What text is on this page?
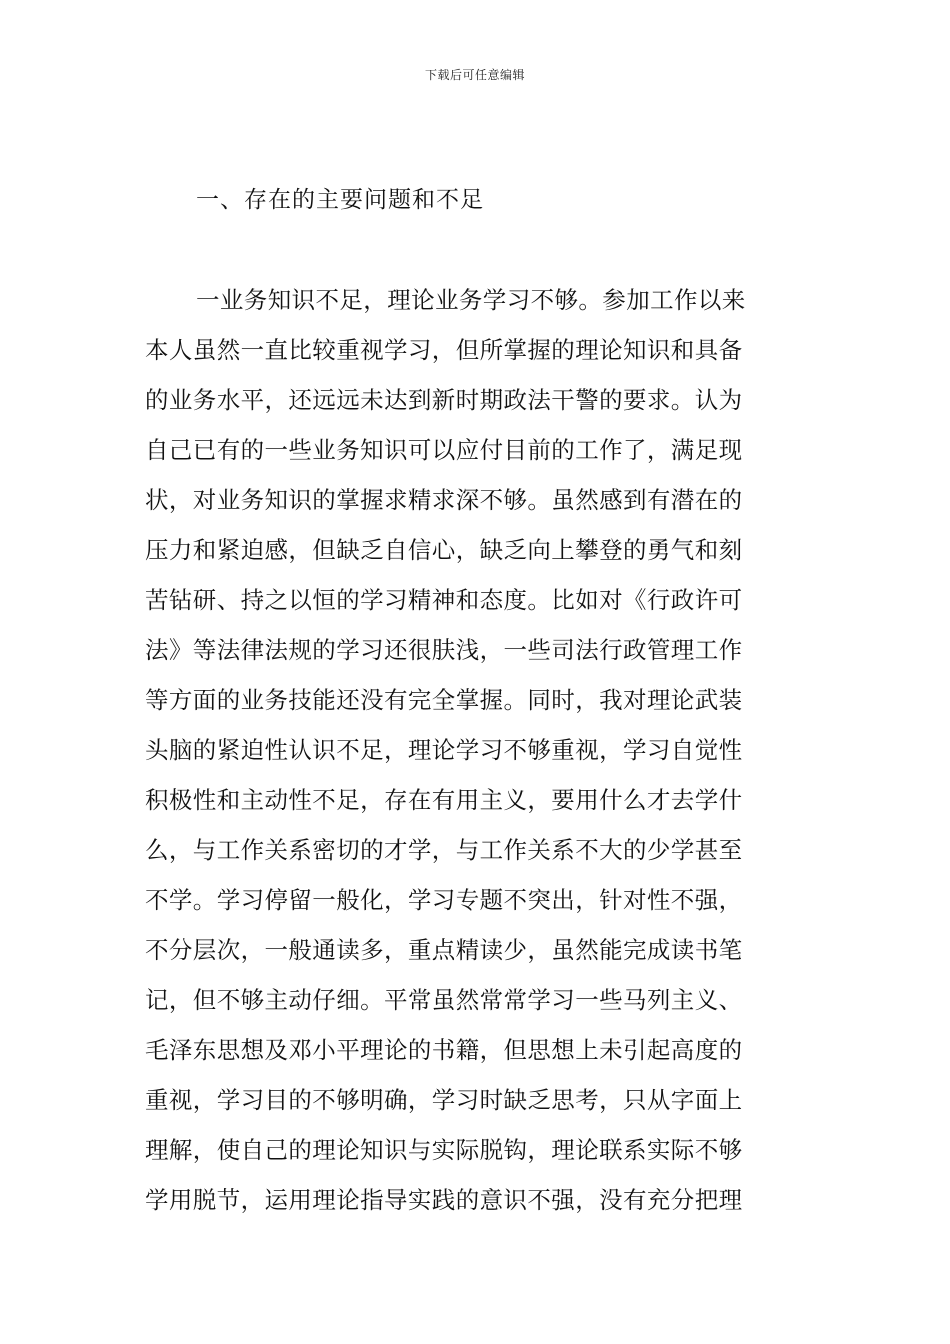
下载后可任意编辑
一、存在的主要问题和不足
一业务知识不足，理论业务学习不够。参加工作以来
本人虽然一直比较重视学习，但所掌握的理论知识和具备
的业务水平，还远远未达到新时期政法干警的要求。认为
自己已有的一些业务知识可以应付目前的工作了，满足现
状，对业务知识的掌握求精求深不够。虽然感到有潜在的
压力和紧迫感，但缺乏自信心，缺乏向上攀登的勇气和刻
苦钻研、持之以恒的学习精神和态度。比如对《行政许可
法》等法律法规的学习还很肤浅，一些司法行政管理工作
等方面的业务技能还没有完全掌握。同时，我对理论武装
头脑的紧迫性认识不足，理论学习不够重视，学习自觉性
积极性和主动性不足，存在有用主义，要用什么才去学什
么，与工作关系密切的才学，与工作关系不大的少学甚至
不学。学习停留一般化，学习专题不突出，针对性不强，
不分层次，一般通读多，重点精读少，虽然能完成读书笔
记，但不够主动仔细。平常虽然常常学习一些马列主义、
毛泽东思想及邓小平理论的书籍，但思想上未引起高度的
重视，学习目的不够明确，学习时缺乏思考，只从字面上
理解，使自己的理论知识与实际脱钩，理论联系实际不够
学用脱节，运用理论指导实践的意识不强，没有充分把理
